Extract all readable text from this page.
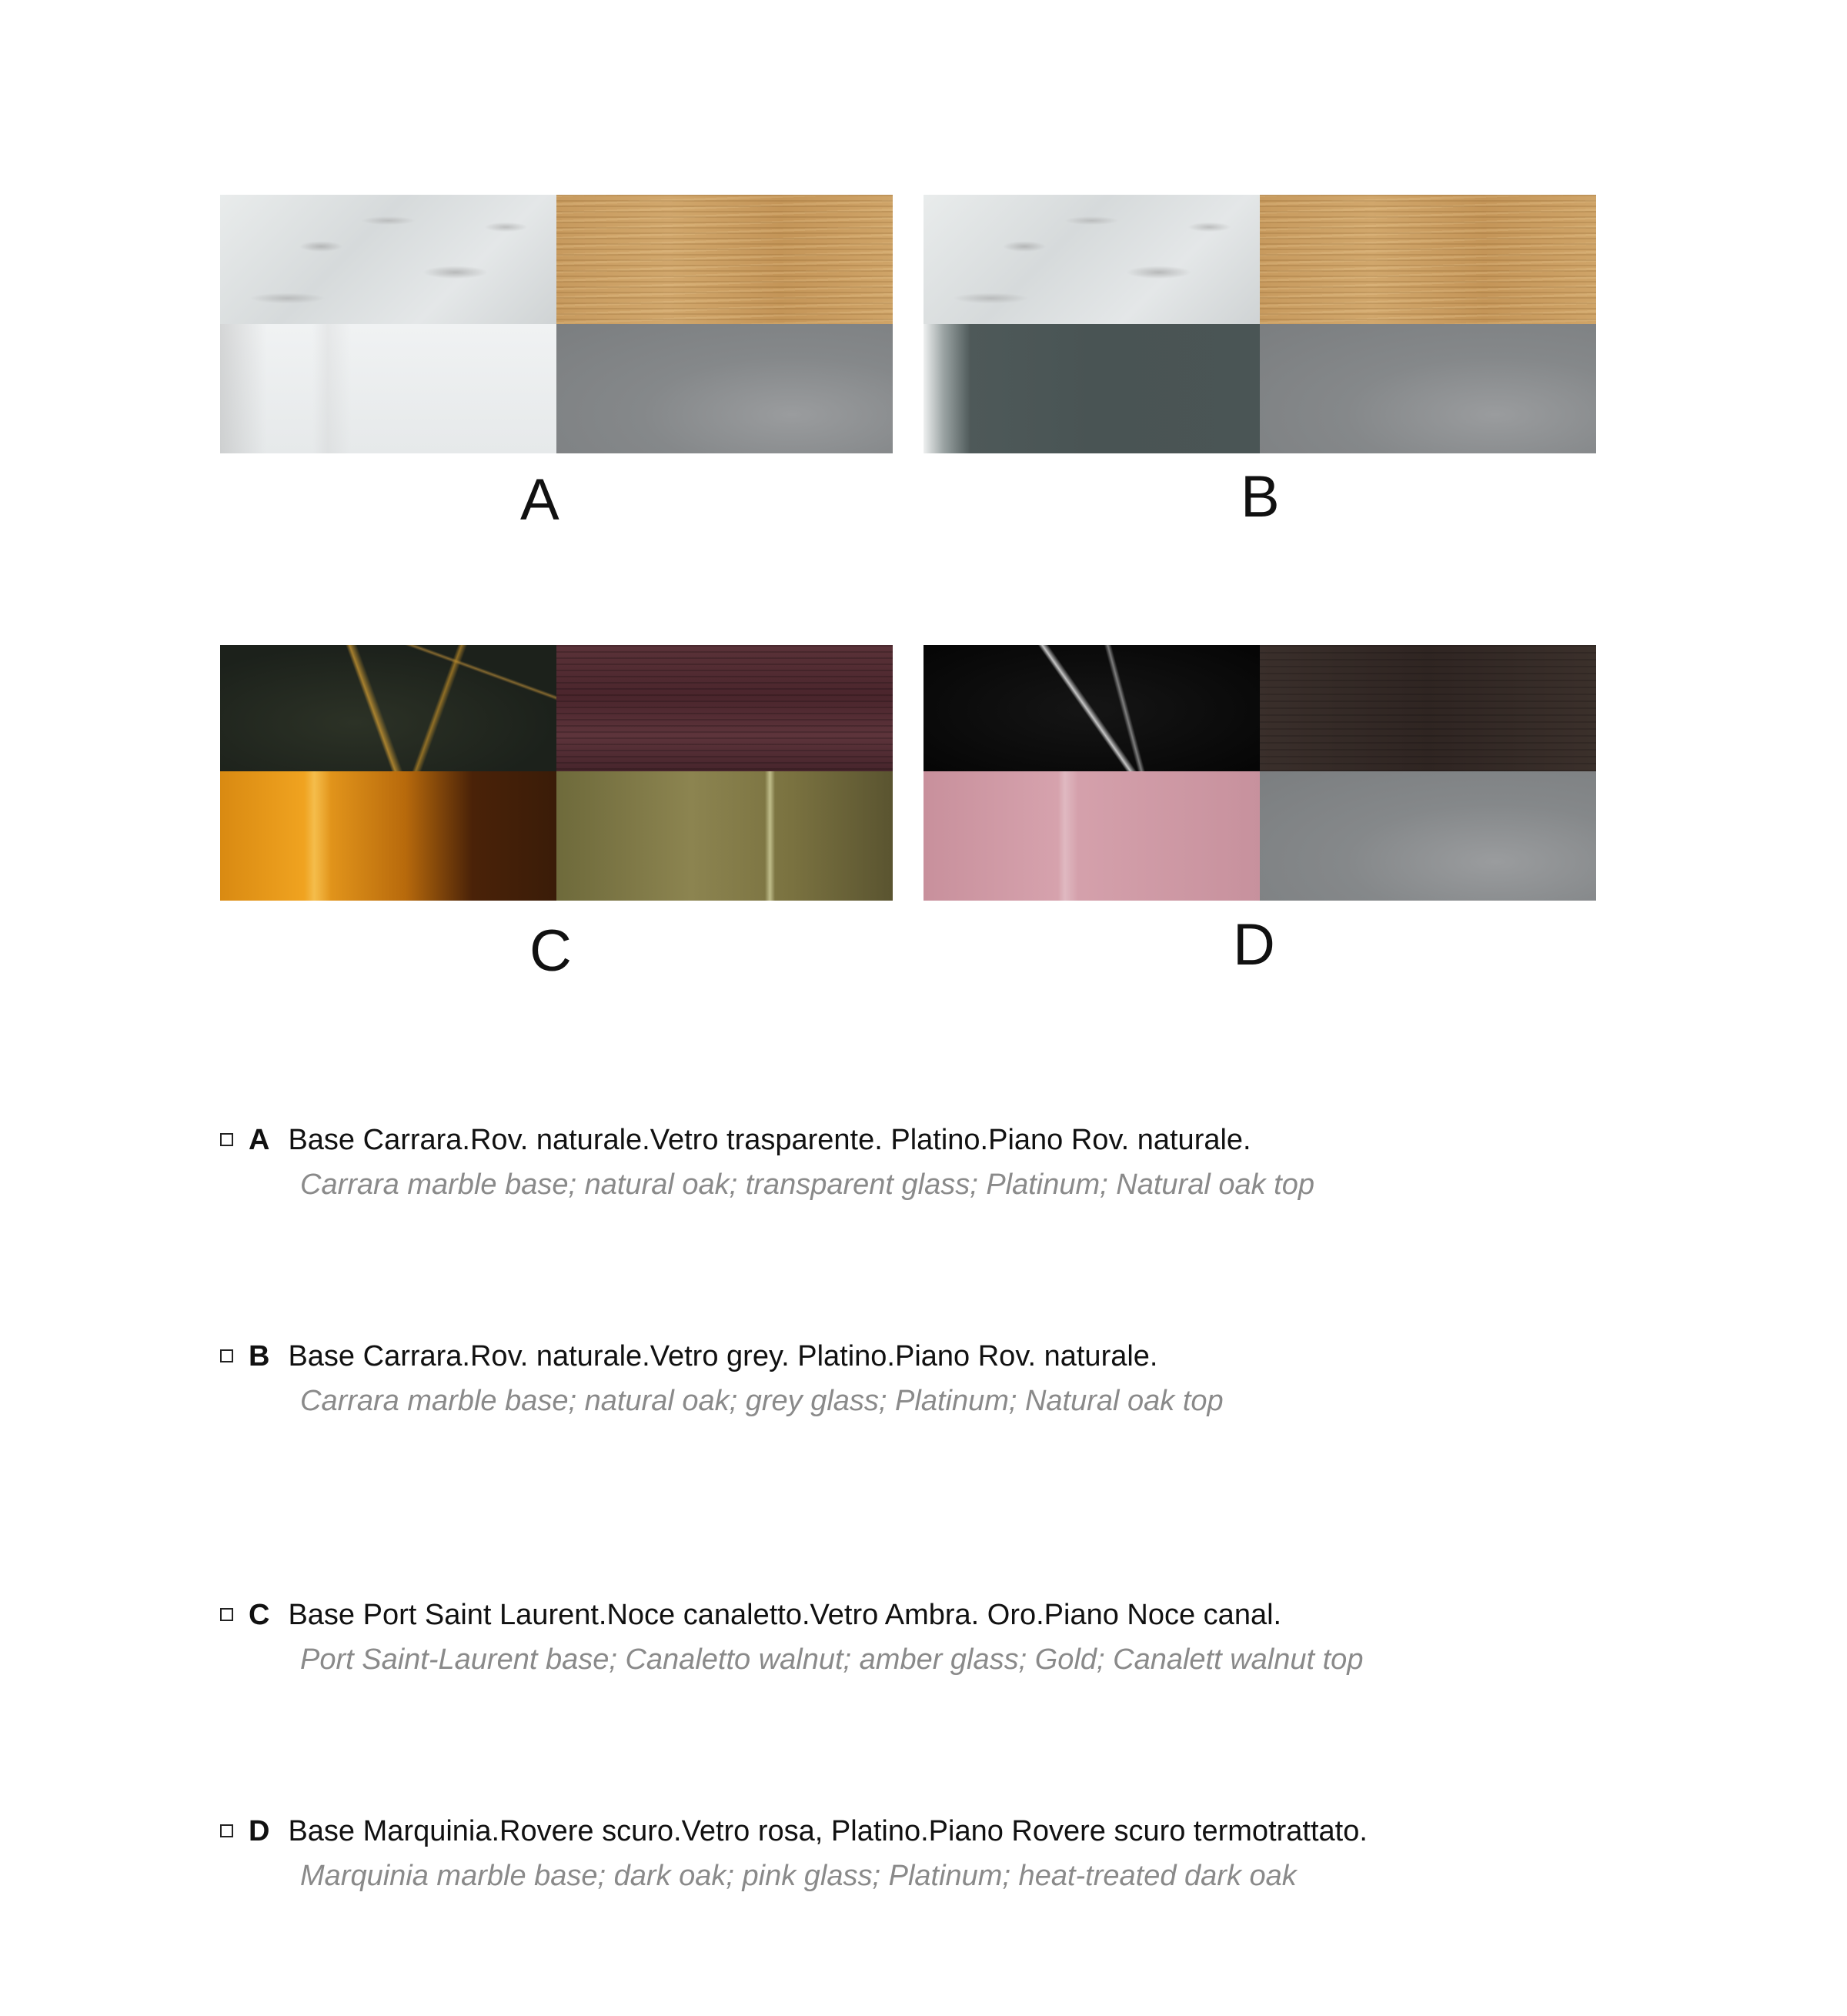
A	B
C	D
A Base Carrara.Rov. naturale.Vetro trasparente. Platino.Piano Rov. naturale.
Carrara marble base; natural oak; transparent glass; Platinum; Natural oak top
B Base Carrara.Rov. naturale.Vetro grey. Platino.Piano Rov. naturale.
Carrara marble base; natural oak; grey glass; Platinum; Natural oak top
C Base Port Saint Laurent.Noce canaletto.Vetro Ambra. Oro.Piano Noce canal.
Port Saint-Laurent base; Canaletto walnut; amber glass; Gold; Canalett walnut top
D Base Marquinia.Rovere scuro.Vetro rosa, Platino.Piano Rovere scuro termotrattato.
Marquinia marble base; dark oak; pink glass; Platinum; heat-treated dark oak
